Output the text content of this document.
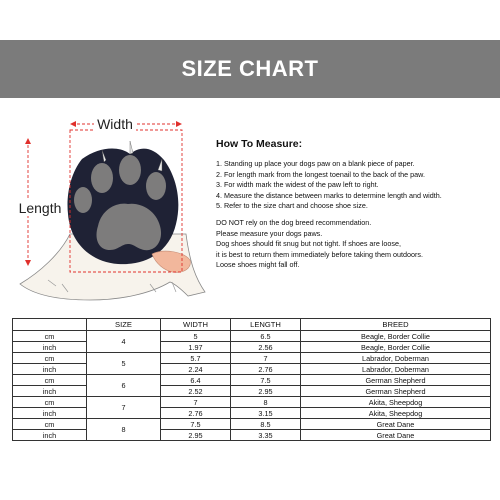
SIZE CHART
Width
Length
How To Measure:
1. Standing up place your dogs paw on a blank piece of paper.
2. For length mark from the longest toenail to the back of the paw.
3. For width mark the widest of the paw left to right.
4. Measure the distance between marks to determine length and width.
5. Refer to the size chart and choose shoe size.
DO NOT rely on the dog breed recommendation.
Please measure your dogs paws.
Dog shoes should fit snug but not tight. If shoes are loose,
it is best to return them immediately before taking them outdoors.
Loose shoes might fall off.
	SIZE	WIDTH	LENGTH	BREED
cm	4	5	6.5	Beagle, Border Collie
inch		1.97	2.56	Beagle, Border Collie
cm	5	5.7	7	Labrador, Doberman
inch		2.24	2.76	Labrador, Doberman
cm	6	6.4	7.5	German Shepherd
inch		2.52	2.95	German Shepherd
cm	7	7	8	Akita, Sheepdog
inch		2.76	3.15	Akita, Sheepdog
cm	8	7.5	8.5	Great Dane
inch		2.95	3.35	Great Dane
